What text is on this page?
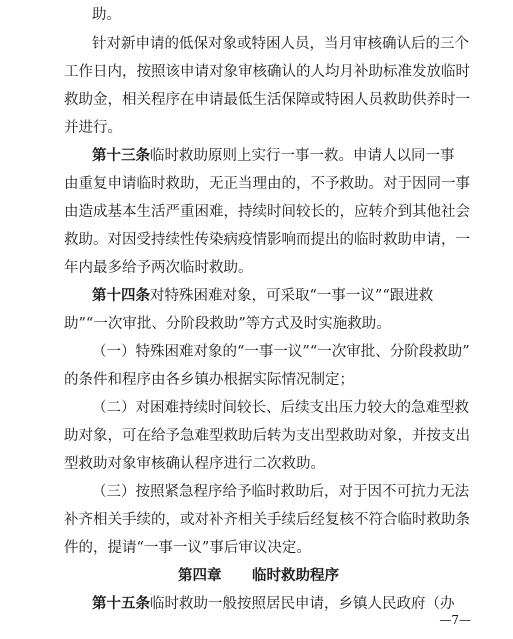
助。
针对新申请的低保对象或特困人员，当月审核确认后的三个
工作日内，按照该申请对象审核确认的人均月补助标准发放临时
救助金，相关程序在申请最低生活保障或特困人员救助供养时一
并进行。
第十三条 临时救助原则上实行一事一救。申请人以同一事
由重复申请临时救助，无正当理由的，不予救助。对于因同一事
由造成基本生活严重困难，持续时间较长的，应转介到其他社会
救助。对因受持续性传染病疫情影响而提出的临时救助申请，一
年内最多给予两次临时救助。
第十四条 对特殊困难对象，可采取“一事一议”“跟进救
助”“一次审批、分阶段救助”等方式及时实施救助。
（一）特殊困难对象的“一事一议”“一次审批、分阶段救助”
的条件和程序由各乡镇办根据实际情况制定；
（二）对困难持续时间较长、后续支出压力较大的急难型救
助对象，可在给予急难型救助后转为支出型救助对象，并按支出
型救助对象审核确认程序进行二次救助。
（三）按照紧急程序给予临时救助后，对于因不可抗力无法
补齐相关手续的，或对补齐相关手续后经复核不符合临时救助条
件的，提请“一事一议”事后审议决定。
第四章 临时救助程序
第十五条 临时救助一般按照居民申请，乡镇人民政府（办
—7—
